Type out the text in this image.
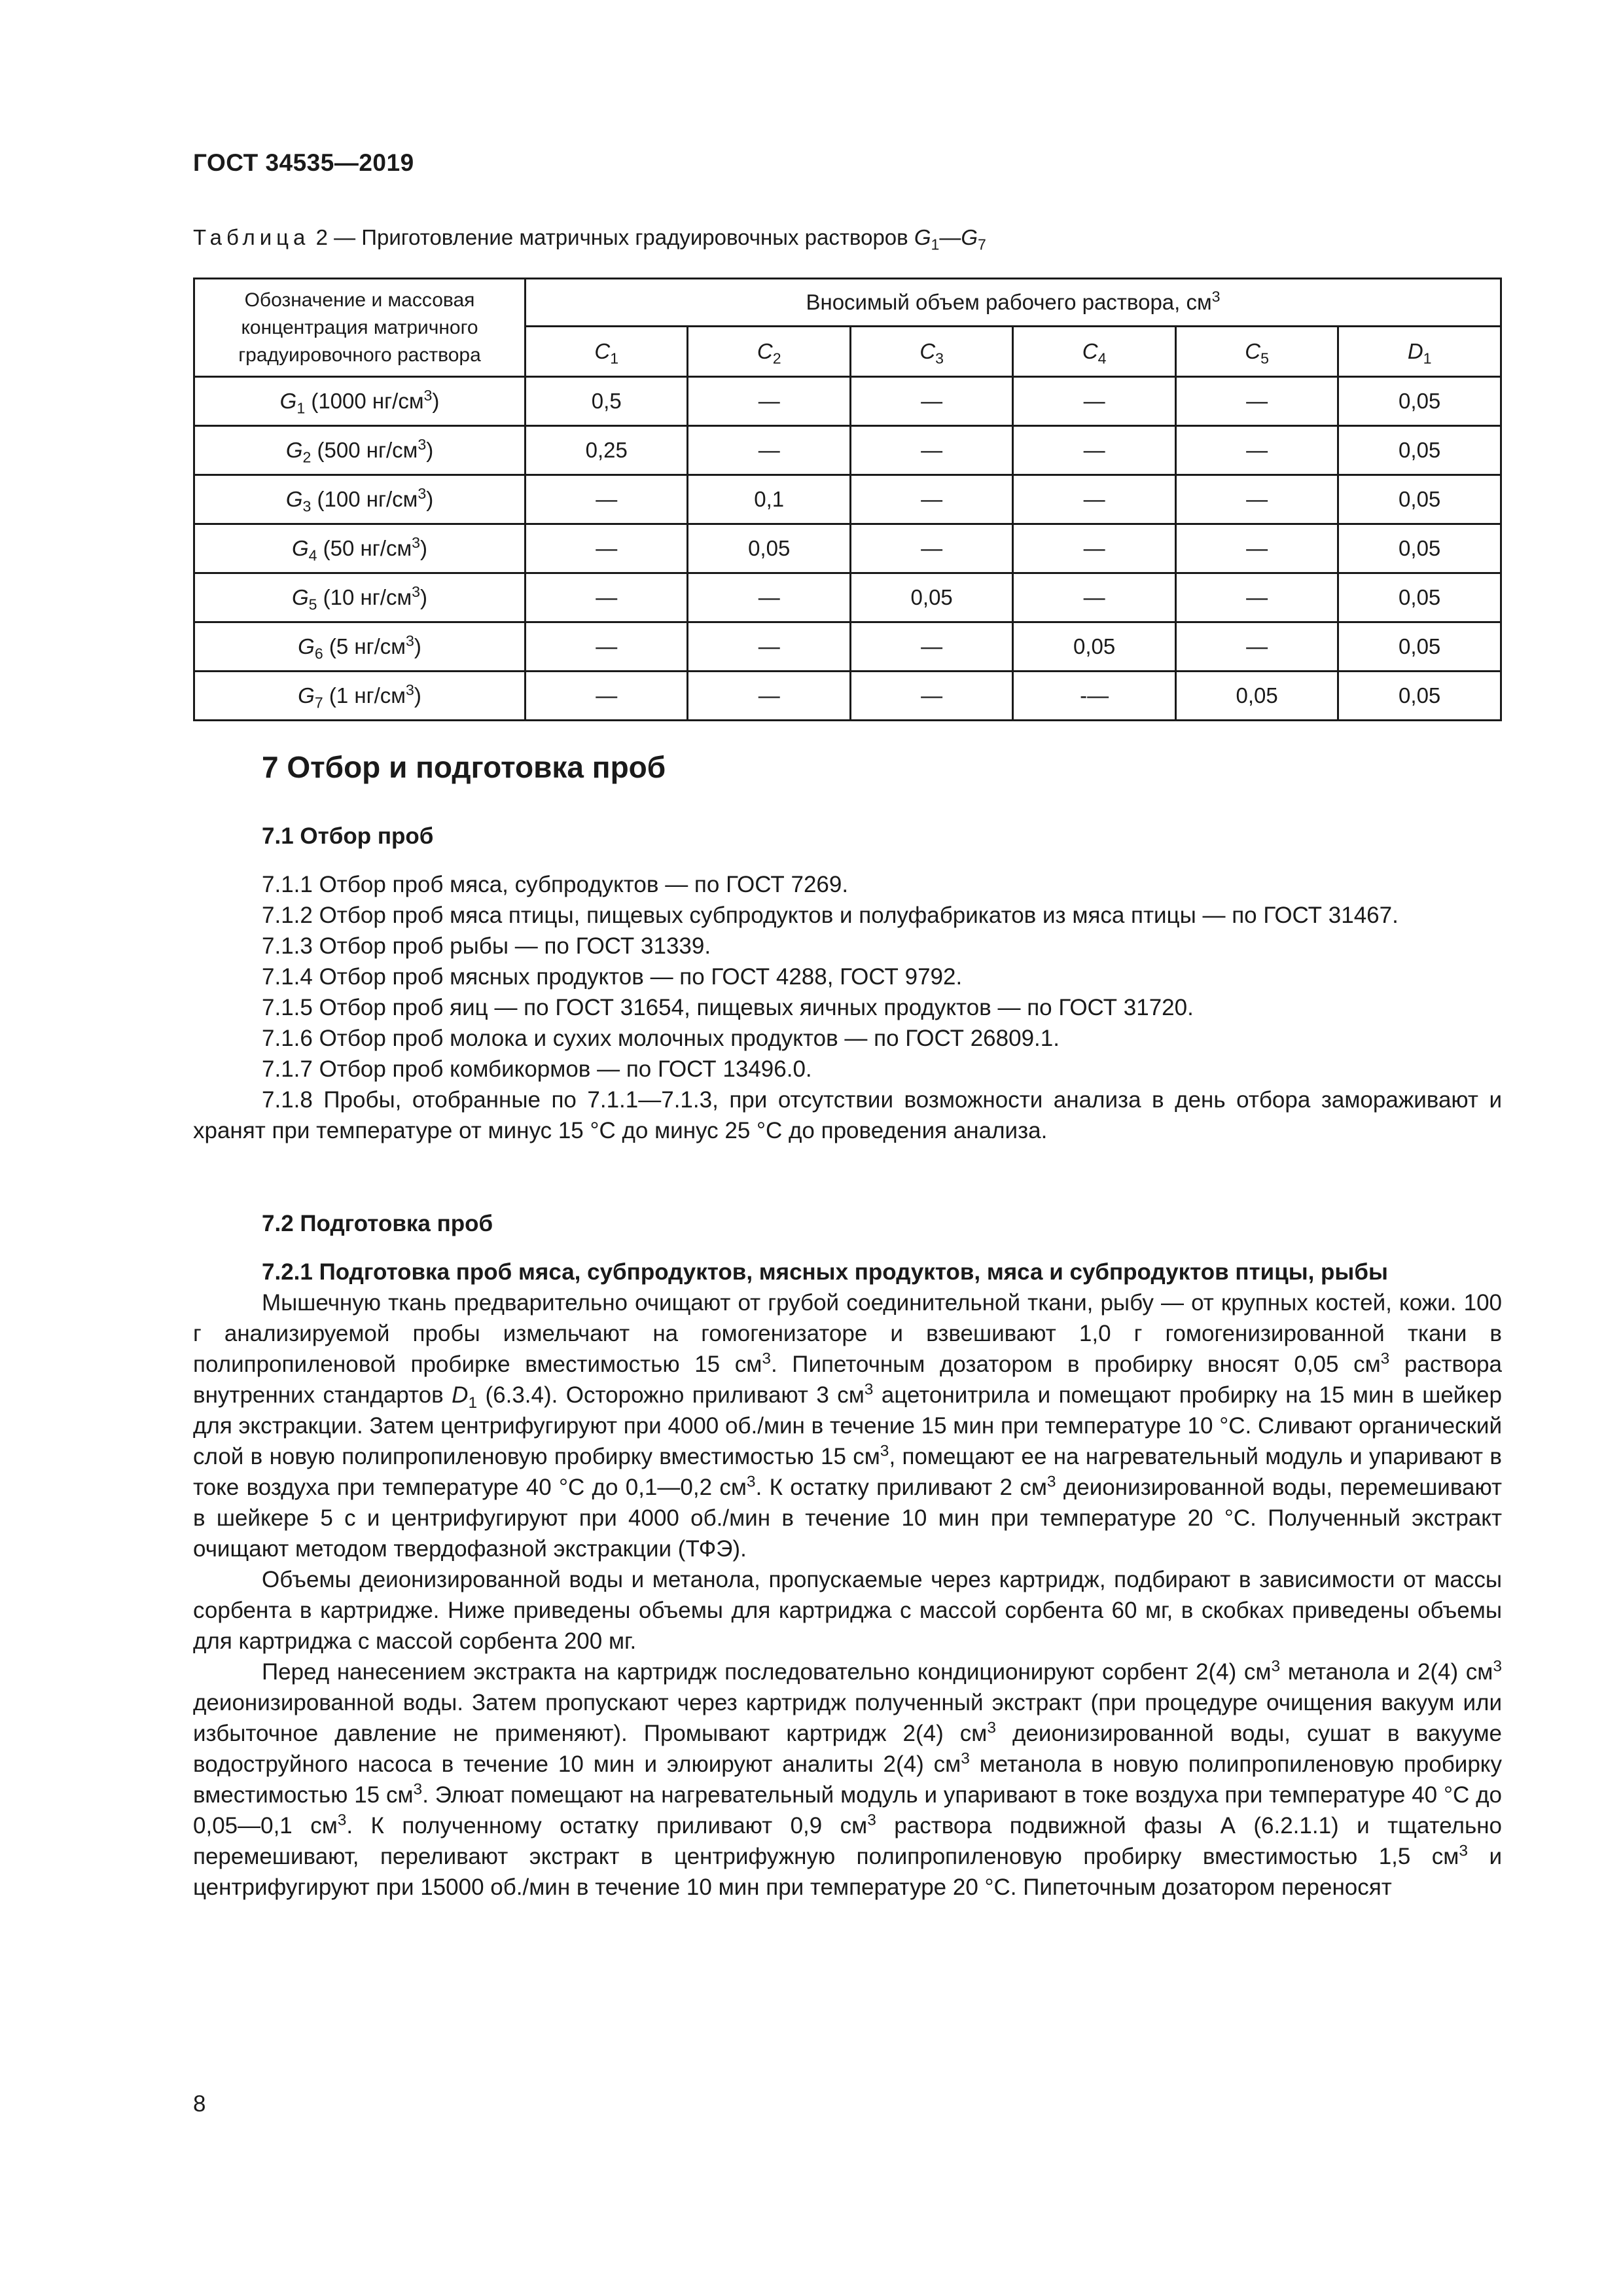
ГОСТ 34535—2019
Таблица 2 — Приготовление матричных градуировочных растворов $G_1—G_7$
Обозначение и массовая концентрация матричного градуировочного раствора	Вносимый объем рабочего раствора, $см^3$
	$C_1$	$C_2$	$C_3$	$C_4$	$C_5$	$D_1$
$G_1$ (1000 $нг/см^3$)	0,5	—	—	—	—	0,05
$G_2$ (500 $нг/см^3$)	0,25	—	—	—	—	0,05
$G_3$ (100 $нг/см^3$)	—	0,1	—	—	—	0,05
$G_4$ (50 $нг/см^3$)	—	0,05	—	—	—	0,05
$G_5$ (10 $нг/см^3$)	—	—	0,05	—	—	0,05
$G_6$ (5 $нг/см^3$)	—	—	—	0,05	—	0,05
$G_7$ (1 $нг/см^3$)	—	—	—	-—	0,05	0,05
7 Отбор и подготовка проб
7.1 Отбор проб

7.1.1 Отбор проб мяса, субпродуктов — по ГОСТ 7269.

7.1.2 Отбор проб мяса птицы, пищевых субпродуктов и полуфабрикатов из мяса птицы — по ГОСТ 31467.

7.1.3 Отбор проб рыбы — по ГОСТ 31339.

7.1.4 Отбор проб мясных продуктов — по ГОСТ 4288, ГОСТ 9792.

7.1.5 Отбор проб яиц — по ГОСТ 31654, пищевых яичных продуктов — по ГОСТ 31720.

7.1.6 Отбор проб молока и сухих молочных продуктов — по ГОСТ 26809.1.

7.1.7 Отбор проб комбикормов — по ГОСТ 13496.0.

7.1.8 Пробы, отобранные по 7.1.1—7.1.3, при отсутствии возможности анализа в день отбора замораживают и хранят при температуре от минус 15 °С до минус 25 °С до проведения анализа.

7.2 Подготовка проб

7.2.1 Подготовка проб мяса, субпродуктов, мясных продуктов, мяса и субпродуктов птицы, рыбы

Мышечную ткань предварительно очищают от грубой соединительной ткани, рыбу — от крупных костей, кожи. 100 г анализируемой пробы измельчают на гомогенизаторе и взвешивают 1,0 г гомогенизированной ткани в полипропиленовой пробирке вместимостью 15 $см^3$. Пипеточным дозатором в пробирку вносят 0,05 $см^3$ раствора внутренних стандартов $D_1$ (6.3.4). Осторожно приливают 3 $см^3$ ацетонитрила и помещают пробирку на 15 мин в шейкер для экстракции. Затем центрифугируют при 4000 об./мин в течение 15 мин при температуре 10 °С. Сливают органический слой в новую полипропиленовую пробирку вместимостью 15 $см^3$, помещают ее на нагревательный модуль и упаривают в токе воздуха при температуре 40 °С до 0,1—0,2 $см^3$. К остатку приливают 2 $см^3$ деионизированной воды, перемешивают в шейкере 5 с и центрифугируют при 4000 об./мин в течение 10 мин при температуре 20 °С. Полученный экстракт очищают методом твердофазной экстракции (ТФЭ).

Объемы деионизированной воды и метанола, пропускаемые через картридж, подбирают в зависимости от массы сорбента в картридже. Ниже приведены объемы для картриджа с массой сорбента 60 мг, в скобках приведены объемы для картриджа с массой сорбента 200 мг.

Перед нанесением экстракта на картридж последовательно кондиционируют сорбент 2(4) $см^3$ метанола и 2(4) $см^3$ деионизированной воды. Затем пропускают через картридж полученный экстракт (при процедуре очищения вакуум или избыточное давление не применяют). Промывают картридж 2(4) $см^3$ деионизированной воды, сушат в вакууме водоструйного насоса в течение 10 мин и элюируют аналиты 2(4) $см^3$ метанола в новую полипропиленовую пробирку вместимостью 15 $см^3$. Элюат помещают на нагревательный модуль и упаривают в токе воздуха при температуре 40 °С до 0,05—0,1 $см^3$. К полученному остатку приливают 0,9 $см^3$ раствора подвижной фазы А (6.2.1.1) и тщательно перемешивают, переливают экстракт в центрифужную полипропиленовую пробирку вместимостью 1,5 $см^3$ и центрифугируют при 15000 об./мин в течение 10 мин при температуре 20 °С. Пипеточным дозатором переносят

8
